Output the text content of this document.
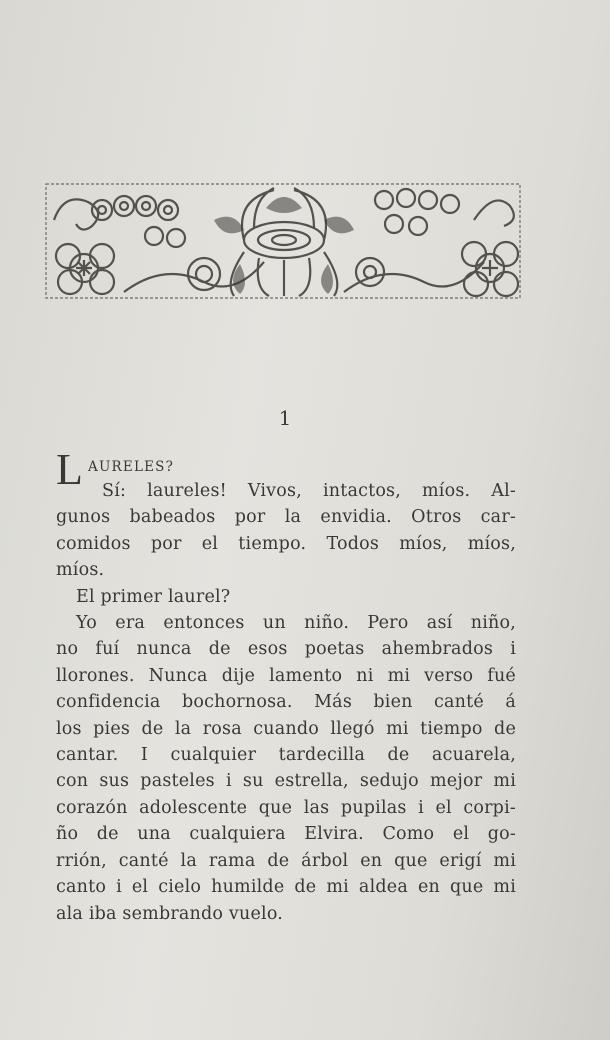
1
L AURELES?
Sí: laureles! Vivos, intactos, míos. Al-
gunos babeados por la envidia. Otros car-
comidos por el tiempo. Todos míos, míos,
míos.
El primer laurel?
Yo era entonces un niño. Pero así niño,
no fuí nunca de esos poetas ahembrados i
llorones. Nunca dije lamento ni mi verso fué
confidencia bochornosa. Más bien canté á
los pies de la rosa cuando llegó mi tiempo de
cantar. I cualquier tardecilla de acuarela,
con sus pasteles i su estrella, sedujo mejor mi
corazón adolescente que las pupilas i el corpi-
ño de una cualquiera Elvira. Como el go-
rrión, canté la rama de árbol en que erigí mi
canto i el cielo humilde de mi aldea en que mi
ala iba sembrando vuelo.
